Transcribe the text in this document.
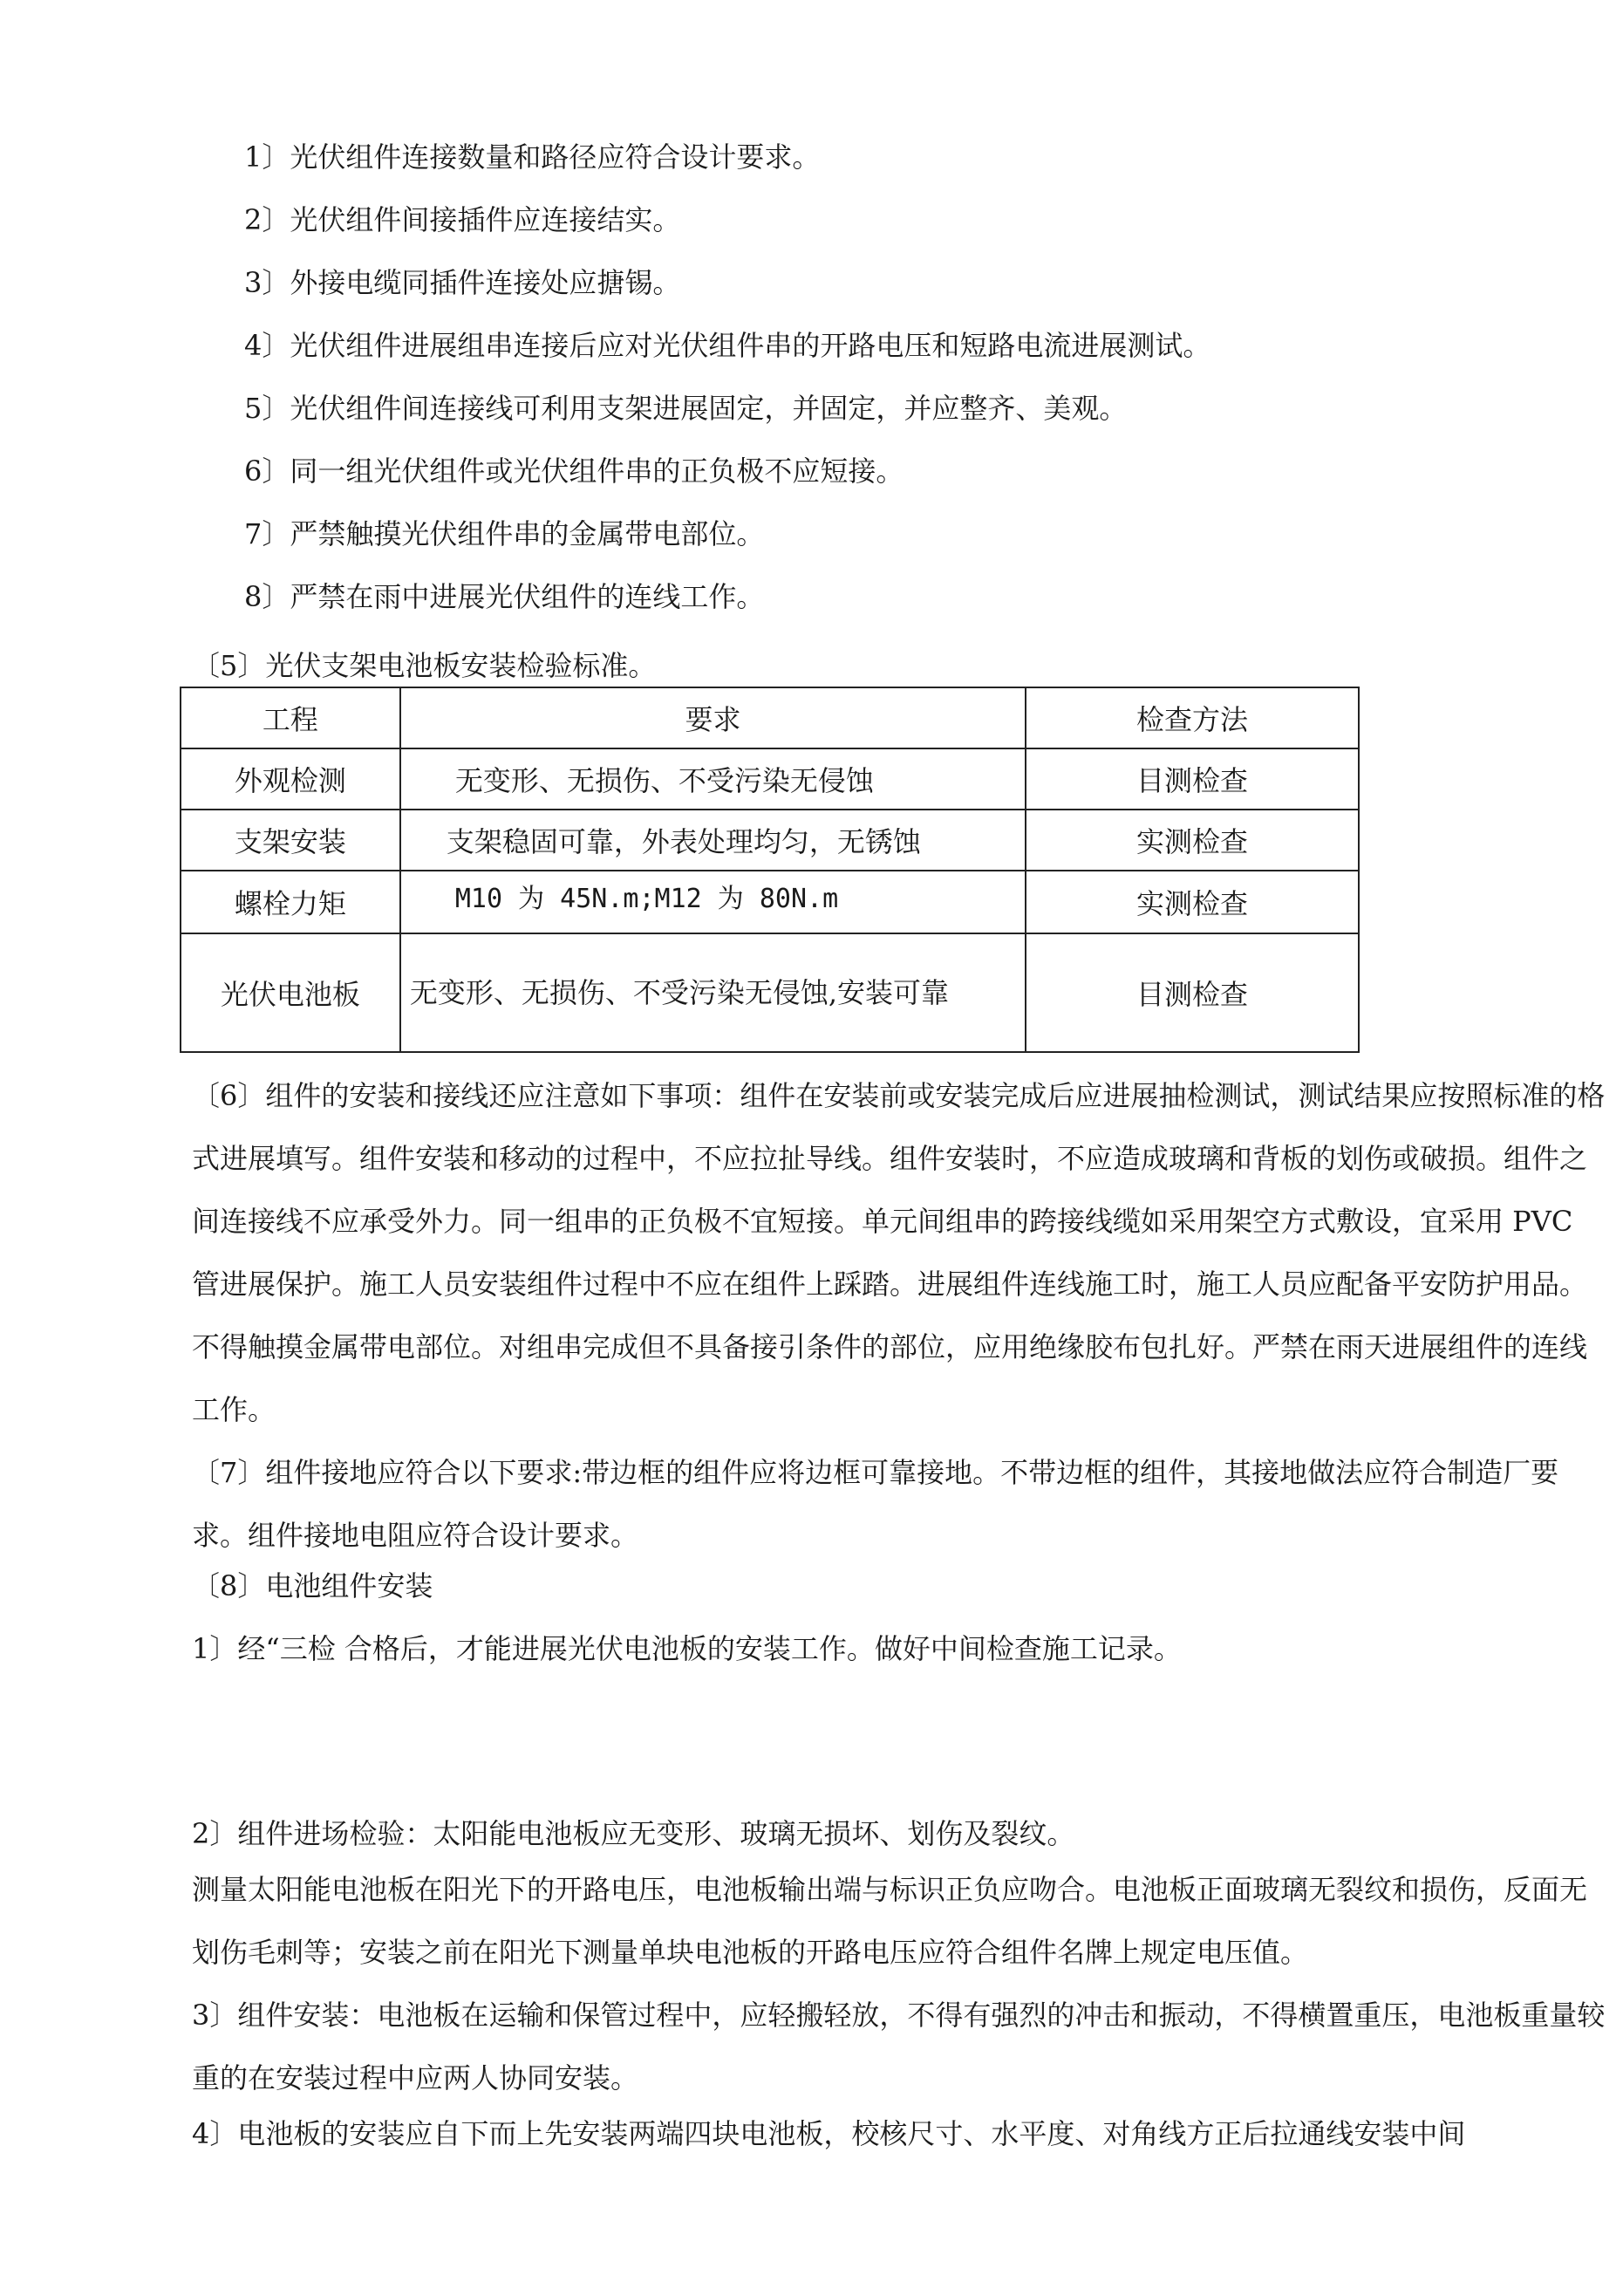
1〕光伏组件连接数量和路径应符合设计要求。
2〕光伏组件间接插件应连接结实。
3〕外接电缆同插件连接处应搪锡。
4〕光伏组件进展组串连接后应对光伏组件串的开路电压和短路电流进展测试。
5〕光伏组件间连接线可利用支架进展固定，并固定，并应整齐、美观。
6〕同一组光伏组件或光伏组件串的正负极不应短接。
7〕严禁触摸光伏组件串的金属带电部位。
8〕严禁在雨中进展光伏组件的连线工作。
〔5〕光伏支架电池板安装检验标准。
工程	要求	检查方法
外观检测	无变形、无损伤、不受污染无侵蚀	目测检查
支架安装	支架稳固可靠，外表处理均匀，无锈蚀	实测检查
螺栓力矩	M10 为 45N.m;M12 为 80N.m	实测检查
光伏电池板	无变形、无损伤、不受污染无侵蚀,安装可靠	目测检查
〔6〕组件的安装和接线还应注意如下事项：组件在安装前或安装完成后应进展抽检测试，测试结果应按照标准的格式进展填写。组件安装和移动的过程中，不应拉扯导线。组件安装时，不应造成玻璃和背板的划伤或破损。组件之间连接线不应承受外力。同一组串的正负极不宜短接。单元间组串的跨接线缆如采用架空方式敷设，宜采用 PVC 管进展保护。施工人员安装组件过程中不应在组件上踩踏。进展组件连线施工时，施工人员应配备平安防护用品。不得触摸金属带电部位。对组串完成但不具备接引条件的部位，应用绝缘胶布包扎好。严禁在雨天进展组件的连线工作。
〔7〕组件接地应符合以下要求:带边框的组件应将边框可靠接地。不带边框的组件，其接地做法应符合制造厂要求。组件接地电阻应符合设计要求。
〔8〕电池组件安装
1〕经“三检 合格后，才能进展光伏电池板的安装工作。做好中间检查施工记录。
2〕组件进场检验：太阳能电池板应无变形、玻璃无损坏、划伤及裂纹。
测量太阳能电池板在阳光下的开路电压，电池板输出端与标识正负应吻合。电池板正面玻璃无裂纹和损伤，反面无划伤毛刺等；安装之前在阳光下测量单块电池板的开路电压应符合组件名牌上规定电压值。
3〕组件安装：电池板在运输和保管过程中，应轻搬轻放，不得有强烈的冲击和振动，不得横置重压，电池板重量较重的在安装过程中应两人协同安装。
4〕电池板的安装应自下而上先安装两端四块电池板，校核尺寸、水平度、对角线方正后拉通线安装中间
